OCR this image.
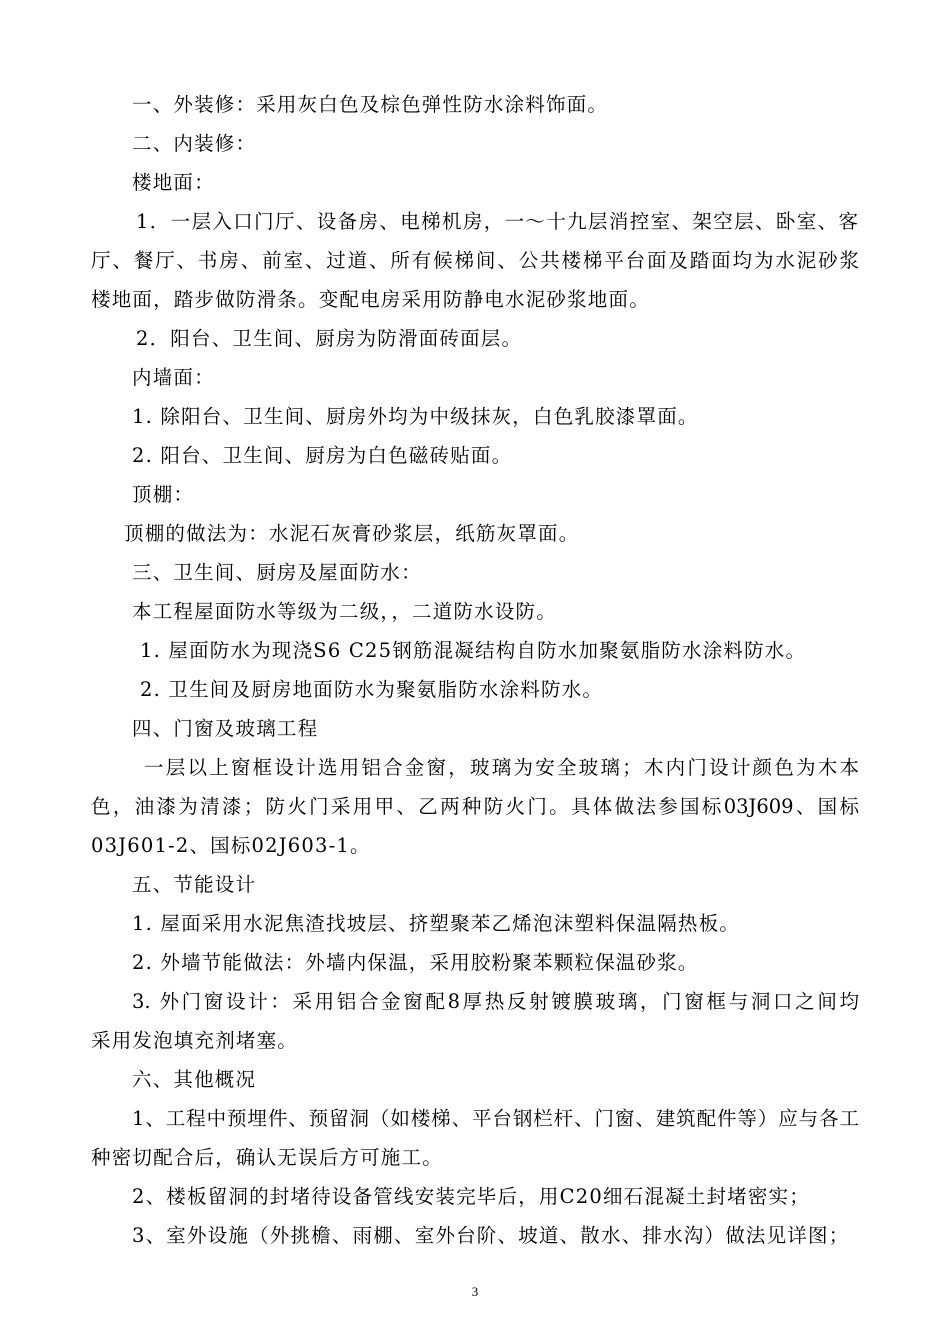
一、外装修：采用灰白色及棕色弹性防水涂料饰面。
二、内装修：
楼地面：
1．一层入口门厅、设备房、电梯机房，一～十九层消控室、架空层、卧室、客
厅、餐厅、书房、前室、过道、所有候梯间、公共楼梯平台面及踏面均为水泥砂浆
楼地面，踏步做防滑条。变配电房采用防静电水泥砂浆地面。
2．阳台、卫生间、厨房为防滑面砖面层。
内墙面：
1. 除阳台、卫生间、厨房外均为中级抹灰，白色乳胶漆罩面。
2. 阳台、卫生间、厨房为白色磁砖贴面。
顶棚：
顶棚的做法为：水泥石灰膏砂浆层，纸筋灰罩面。
三、卫生间、厨房及屋面防水：
本工程屋面防水等级为二级，，二道防水设防。
1. 屋面防水为现浇S6 C25钢筋混凝结构自防水加聚氨脂防水涂料防水。
2. 卫生间及厨房地面防水为聚氨脂防水涂料防水。
四、门窗及玻璃工程
一层以上窗框设计选用铝合金窗，玻璃为安全玻璃；木内门设计颜色为木本
色，油漆为清漆；防火门采用甲、乙两种防火门。具体做法参国标03J609、国标
03J601-2、国标02J603-1。
五、节能设计
1. 屋面采用水泥焦渣找坡层、挤塑聚苯乙烯泡沫塑料保温隔热板。
2. 外墙节能做法：外墙内保温，采用胶粉聚苯颗粒保温砂浆。
3. 外门窗设计：采用铝合金窗配8厚热反射镀膜玻璃，门窗框与洞口之间均
采用发泡填充剂堵塞。
六、其他概况
1、工程中预埋件、预留洞（如楼梯、平台钢栏杆、门窗、建筑配件等）应与各工
种密切配合后，确认无误后方可施工。
2、楼板留洞的封堵待设备管线安装完毕后，用C20细石混凝土封堵密实；
3、室外设施（外挑檐、雨棚、室外台阶、坡道、散水、排水沟）做法见详图；
3
